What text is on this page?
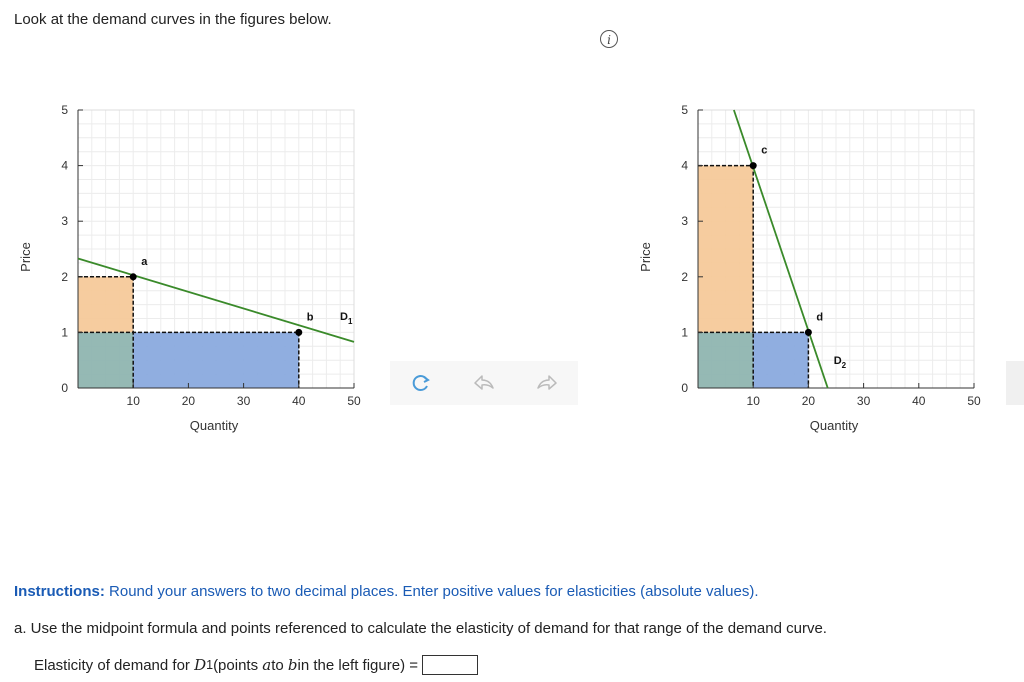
Look at the demand curves in the figures below.
i
0
1
2
3
4
5
10	20	30	40	50
Quantity
Price	a
b $D_1$
0
1
2
3
4
5
10	20	30	40	50
Quantity
Price
c
d
$D_2$
Instructions: Round your answers to two decimal places. Enter positive values for elasticities (absolute values).
a. Use the midpoint formula and points referenced to calculate the elasticity of demand for that range of the demand curve.
Elasticity of demand for
D 1 (points
a to
b in the left figure) =
